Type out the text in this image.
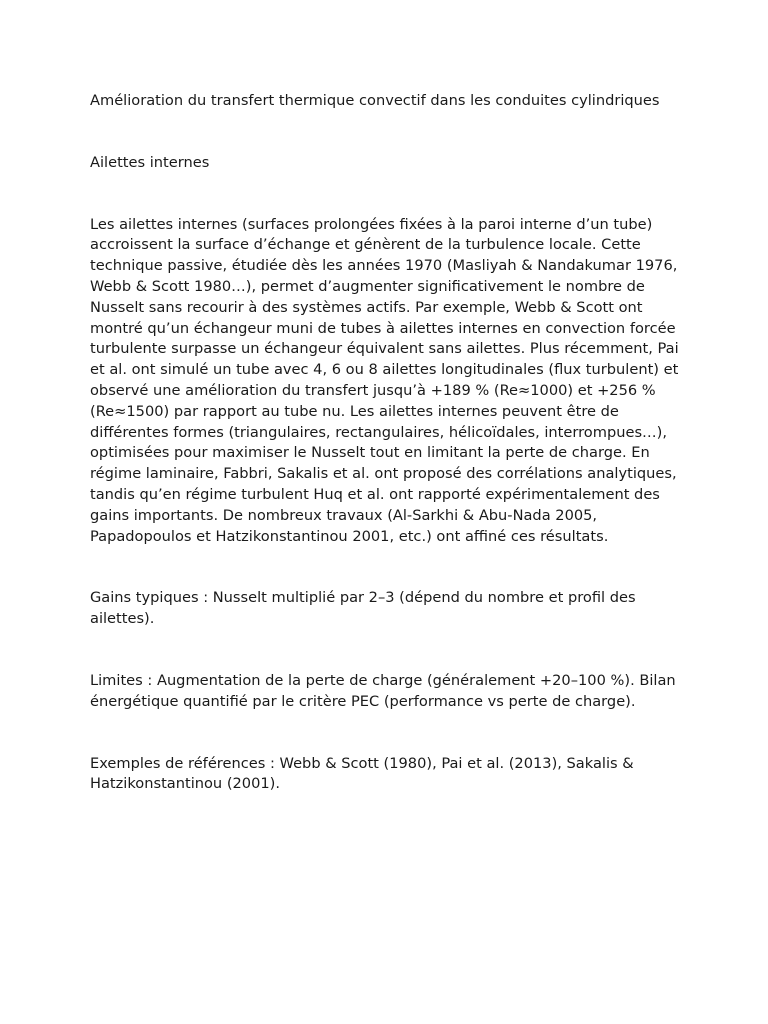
Amélioration du transfert thermique convectif dans les conduites cylindriques

Ailettes internes

Les ailettes internes (surfaces prolongées fixées à la paroi interne d’un tube) accroissent la surface d’échange et génèrent de la turbulence locale. Cette technique passive, étudiée dès les années 1970 (Masliyah & Nandakumar 1976, Webb & Scott 1980…), permet d’augmenter significativement le nombre de Nusselt sans recourir à des systèmes actifs. Par exemple, Webb & Scott ont montré qu’un échangeur muni de tubes à ailettes internes en convection forcée turbulente surpasse un échangeur équivalent sans ailettes. Plus récemment, Pai et al. ont simulé un tube avec 4, 6 ou 8 ailettes longitudinales (flux turbulent) et observé une amélioration du transfert jusqu’à +189 % (Re≈1000) et +256 % (Re≈1500) par rapport au tube nu. Les ailettes internes peuvent être de différentes formes (triangulaires, rectangulaires, hélicoïdales, interrompues…), optimisées pour maximiser le Nusselt tout en limitant la perte de charge. En régime laminaire, Fabbri, Sakalis et al. ont proposé des corrélations analytiques, tandis qu’en régime turbulent Huq et al. ont rapporté expérimentalement des gains importants. De nombreux travaux (Al-Sarkhi & Abu-Nada 2005, Papadopoulos et Hatzikonstantinou 2001, etc.) ont affiné ces résultats.

Gains typiques : Nusselt multiplié par 2–3 (dépend du nombre et profil des ailettes).

Limites : Augmentation de la perte de charge (généralement +20–100 %). Bilan énergétique quantifié par le critère PEC (performance vs perte de charge).

Exemples de références : Webb & Scott (1980), Pai et al. (2013), Sakalis & Hatzikonstantinou (2001).
